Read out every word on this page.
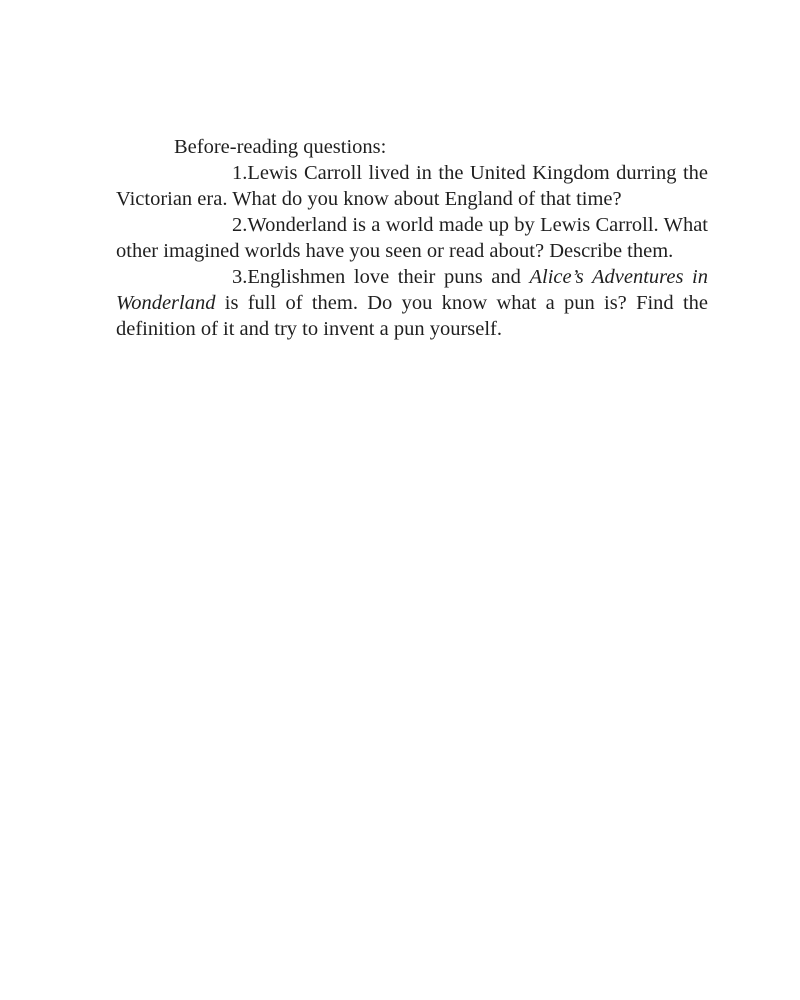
Before-reading questions:

1.Lewis Carroll lived in the United Kingdom durring the Victorian era. What do you know about England of that time?

2.Wonderland is a world made up by Lewis Carroll. What other imagined worlds have you seen or read about? Describe them.

3.Englishmen love their puns and Alice’s Adventures in Wonderland is full of them. Do you know what a pun is? Find the definition of it and try to invent a pun yourself.
